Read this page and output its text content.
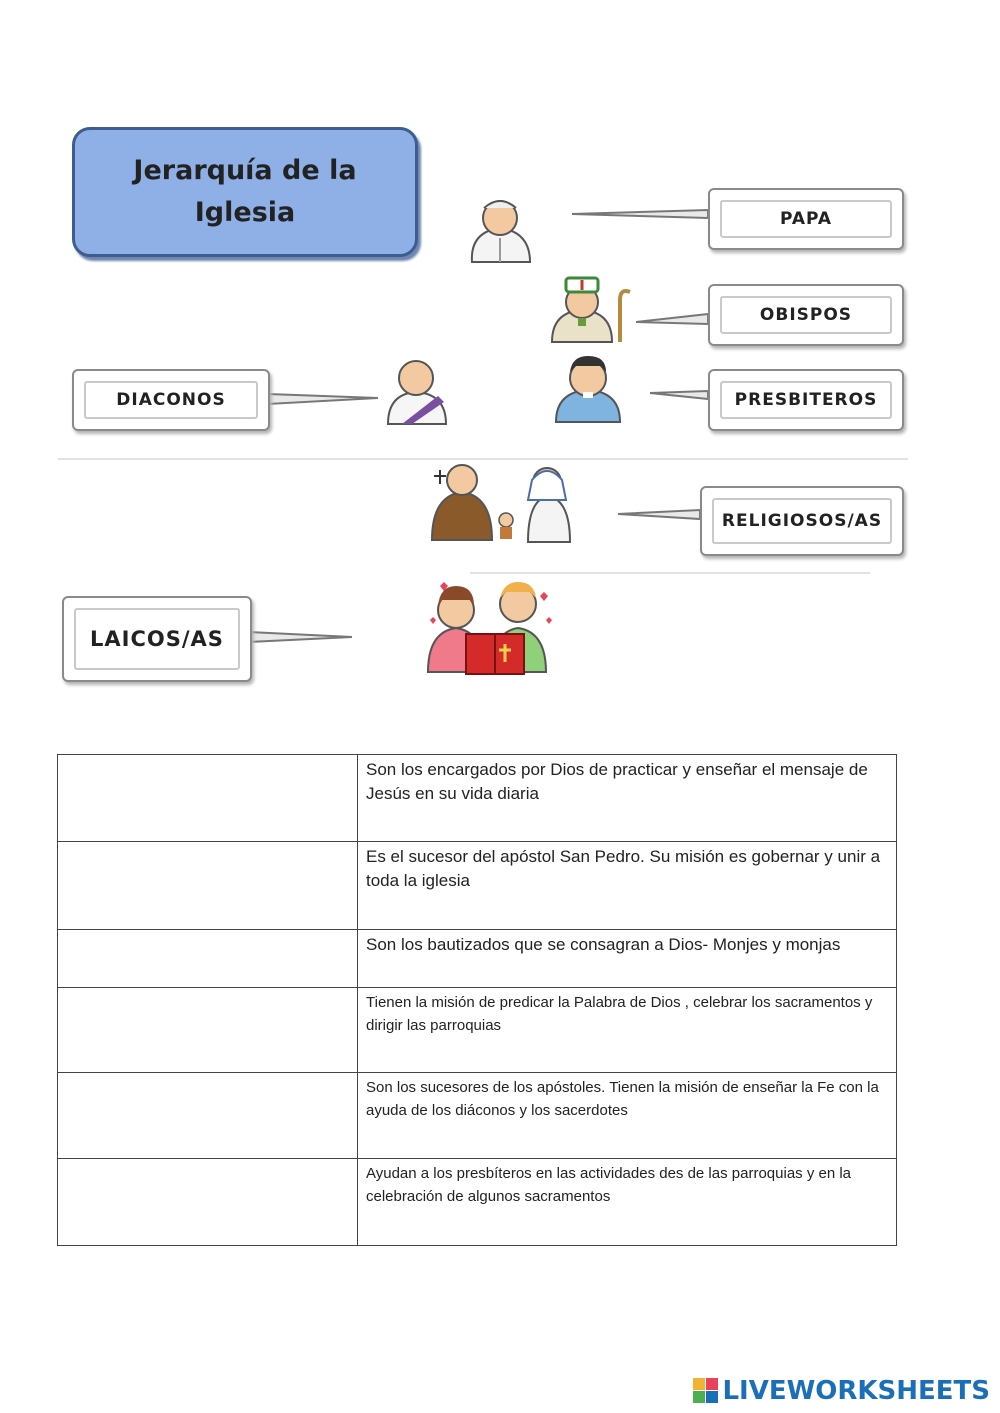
Jerarquía de la Iglesia	PAPA
OBISPOS
PRESBITEROS
DIACONOS
RELIGIOSOS/AS
LAICOS/AS
	Son los encargados por Dios de practicar y enseñar el mensaje de Jesús en su vida diaria
	Es el sucesor del apóstol San Pedro. Su misión es gobernar y unir a toda la iglesia
	Son los bautizados que se consagran a Dios- Monjes y monjas
	Tienen la misión de predicar la Palabra de Dios , celebrar los sacramentos y dirigir las parroquias
	Son los sucesores de los apóstoles. Tienen la misión de enseñar la Fe con la ayuda de los diáconos y los sacerdotes
	Ayudan a los presbíteros en las actividades des de las parroquias y en la celebración de algunos sacramentos
LIVEWORKSHEETS
